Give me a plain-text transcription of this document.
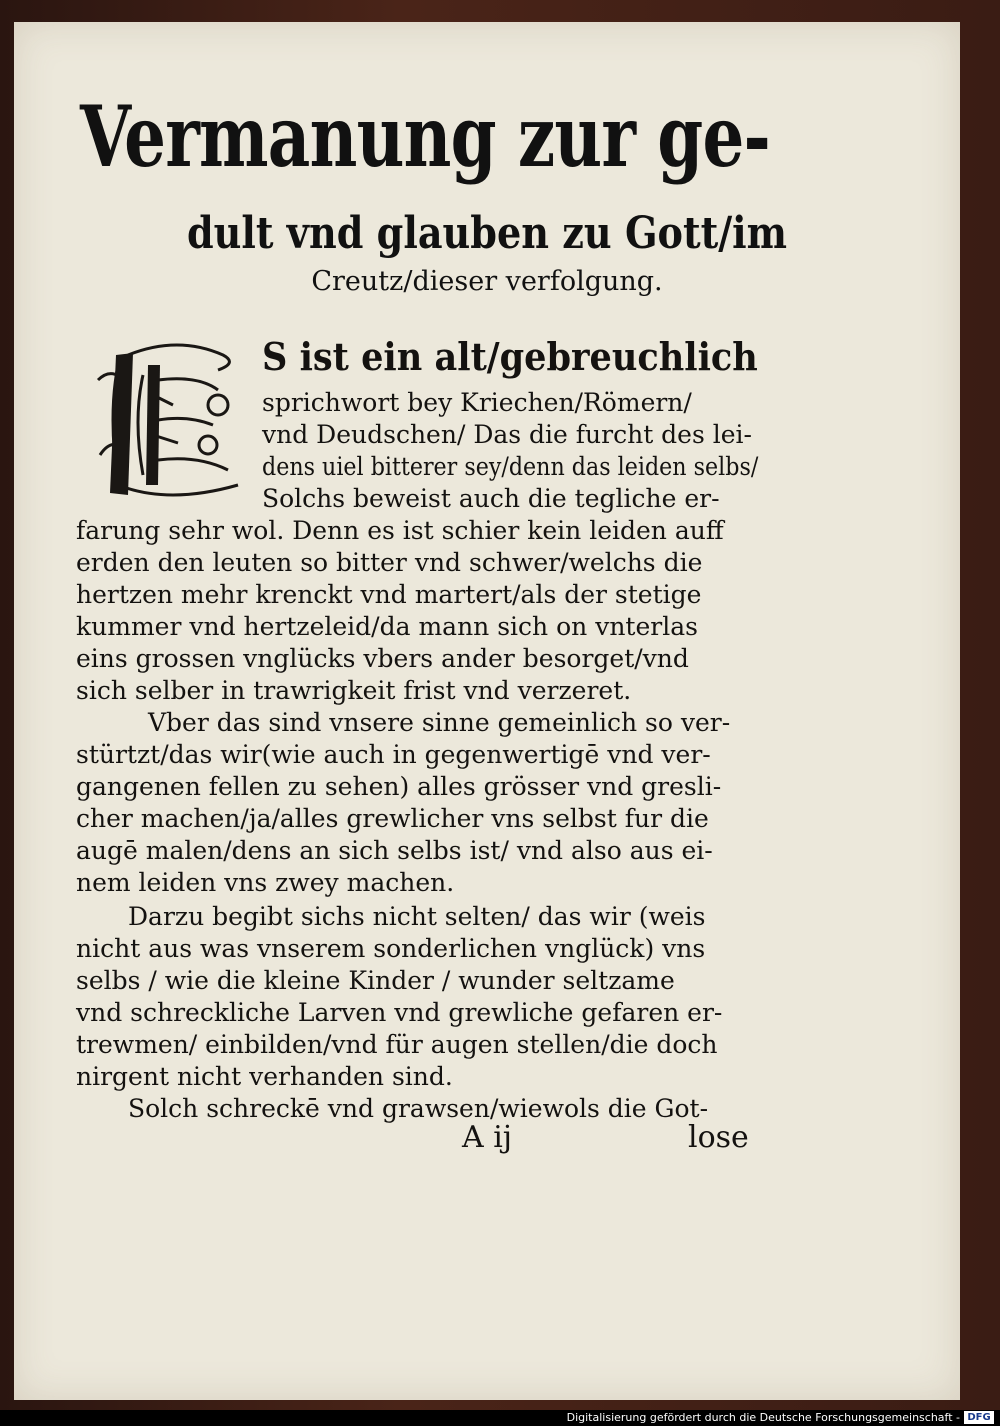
Vermanung zur ge-
dult vnd glauben zu Gott/im
Creutz/dieser verfolgung.
S ist ein alt/gebreuchlich
sprichwort bey Kriechen/Römern/
vnd Deudschen/ Das die furcht des lei-
dens uiel bitterer sey/denn das leiden selbs/
Solchs beweist auch die tegliche er-
farung sehr wol. Denn es ist schier kein leiden auff
erden den leuten so bitter vnd schwer/welchs die
hertzen mehr krenckt vnd martert/als der stetige
kummer vnd hertzeleid/da mann sich on vnterlas
eins grossen vnglücks vbers ander besorget/vnd
sich selber in trawrigkeit frist vnd verzeret.
Vber das sind vnsere sinne gemeinlich so ver-
stürtzt/das wir(wie auch in gegenwertigē vnd ver-
gangenen fellen zu sehen) alles grösser vnd gresli-
cher machen/ja/alles grewlicher vns selbst fur die
augē malen/dens an sich selbs ist/ vnd also aus ei-
nem leiden vns zwey machen.
Darzu begibt sichs nicht selten/ das wir (weis
nicht aus was vnserem sonderlichen vnglück) vns
selbs / wie die kleine Kinder / wunder seltzame
vnd schreckliche Larven vnd grewliche gefaren er-
trewmen/ einbilden/vnd für augen stellen/die doch
nirgent nicht verhanden sind.
Solch schreckē vnd grawsen/wiewols die Got-
A ij	lose
Digitalisierung gefördert durch die Deutsche Forschungsgemeinschaft - DFG
